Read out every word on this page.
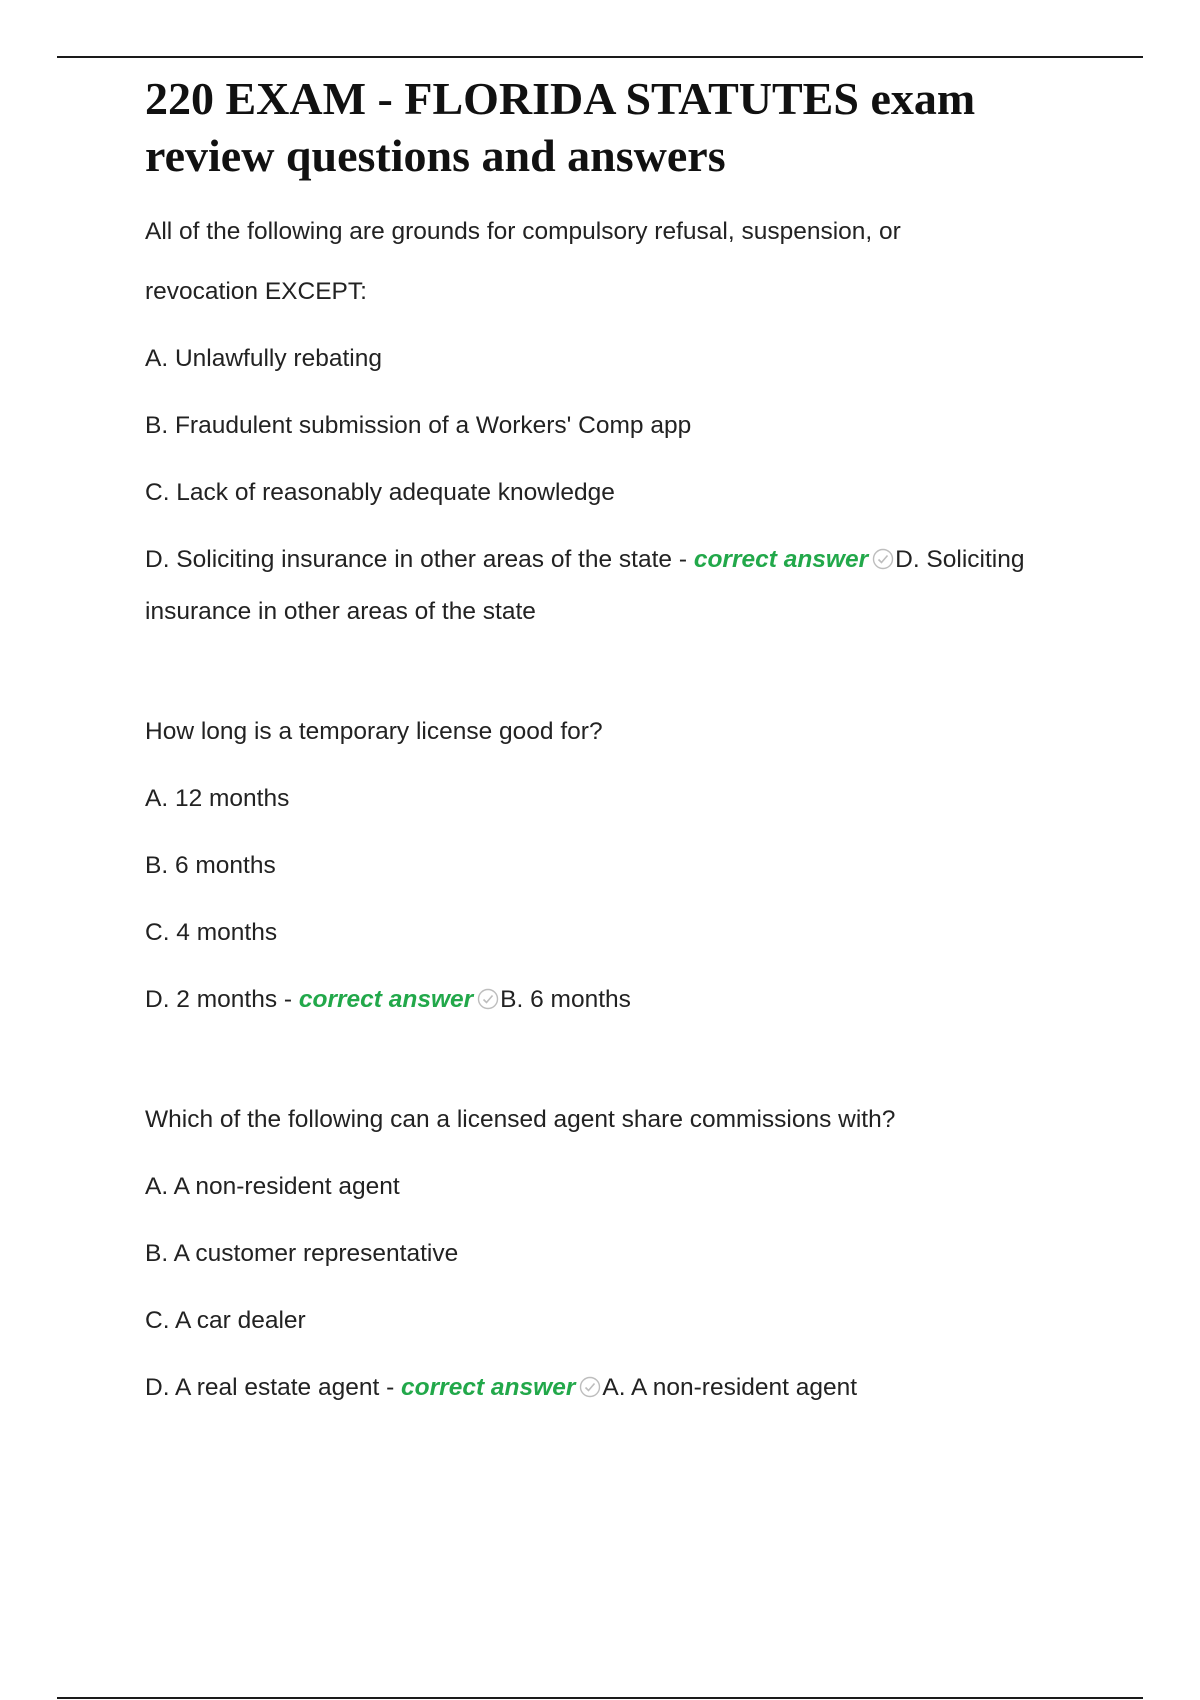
220 EXAM - FLORIDA STATUTES exam review questions and answers

All of the following are grounds for compulsory refusal, suspension, or

revocation EXCEPT:

A. Unlawfully rebating

B. Fraudulent submission of a Workers' Comp app

C. Lack of reasonably adequate knowledge

D. Soliciting insurance in other areas of the state - correct answer D. Soliciting insurance in other areas of the state

How long is a temporary license good for?

A. 12 months

B. 6 months

C. 4 months

D. 2 months - correct answer B. 6 months

Which of the following can a licensed agent share commissions with?

A. A non-resident agent

B. A customer representative

C. A car dealer

D. A real estate agent - correct answer A. A non-resident agent
